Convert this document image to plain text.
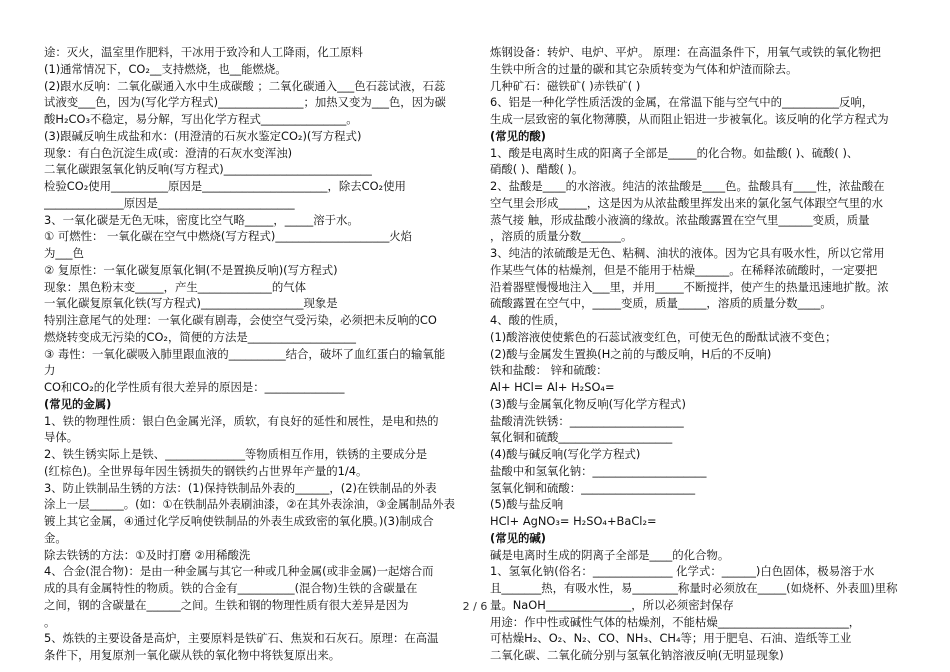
途：灭火，温室里作肥料，干冰用于致冷和人工降雨，化工原料
(1)通常情况下，CO₂__支持燃烧，也__能燃烧。
(2)跟水反响：二氧化碳通入水中生成碳酸 ；二氧化碳通入___色石蕊试液，石蕊
试液变___色，因为(写化学方程式)_______________；加热又变为___色，因为碳
酸H₂CO₃不稳定，易分解，写出化学方程式_______________。
(3)跟碱反响生成盐和水：(用澄清的石灰水鉴定CO₂)(写方程式)
现象：有白色沉淀生成(或：澄清的石灰水变浑浊)
二氧化碳跟氢氧化钠反响(写方程式)__________________________
检验CO₂使用__________原因是______________________，除去CO₂使用
______________原因是________________________
3、一氧化碳是无色无味，密度比空气略_____，_____溶于水。
① 可燃性： 一氧化碳在空气中燃烧(写方程式)____________________火焰
为___色
② 复原性：一氧化碳复原氧化铜(不是置换反响)(写方程式)
现象：黑色粉末变_____，产生_____________的气体
一氧化碳复原氧化铁(写方程式)__________________现象是
特别注意尾气的处理：一氧化碳有剧毒，会使空气受污染，必须把未反响的CO
燃烧转变成无污染的CO₂，简便的方法是___________________
③ 毒性：一氧化碳吸入肺里跟血液的__________结合，破坏了血红蛋白的输氧能
力
CO和CO₂的化学性质有很大差异的原因是：______________
(常见的金属)
1、铁的物理性质：银白色金属光泽，质软，有良好的延性和展性，是电和热的
导体。
2、铁生锈实际上是铁、______________等物质相互作用，铁锈的主要成分是
(红棕色)。全世界每年因生锈损失的钢铁约占世界年产量的1/4。
3、防止铁制品生锈的方法：(1)保持铁制品外表的______，(2)在铁制品的外表
涂上一层______。(如：①在铁制品外表刷油漆，②在其外表涂油，③金属制品外表
镀上其它金属，④通过化学反响使铁制品的外表生成致密的氧化膜。)(3)制成合
金。
除去铁锈的方法：①及时打磨 ②用稀酸洗
4、合金(混合物)：是由一种金属与其它一种或几种金属(或非金属)一起熔合而
成的具有金属特性的物质。铁的合金有__________(混合物)生铁的含碳量在
之间，钢的含碳量在______之间。生铁和钢的物理性质有很大差异是因为
。
5、炼铁的主要设备是高炉，主要原料是铁矿石、焦炭和石灰石。原理：在高温
条件下，用复原剂一氧化碳从铁的氧化物中将铁复原出来。
炼钢设备：转炉、电炉、平炉。 原理：在高温条件下，用氧气或铁的氧化物把
生铁中所含的过量的碳和其它杂质转变为气体和炉渣而除去。
几种矿石：磁铁矿( )赤铁矿( )
6、铝是一种化学性质活泼的金属，在常温下能与空气中的__________反响，
生成一层致密的氧化物薄膜，从而阻止铝进一步被氧化。该反响的化学方程式为
(常见的酸)
1、酸是电离时生成的阳离子全部是_____的化合物。如盐酸( )、硫酸( )、
硝酸( )、醋酸( )。
2、盐酸是____的水溶液。纯洁的浓盐酸是____色。盐酸具有____性，浓盐酸在
空气里会形成_____，这是因为从浓盐酸里挥发出来的氯化氢气体跟空气里的水
蒸气接 触，形成盐酸小液滴的缘故。浓盐酸露置在空气里______变质，质量
，溶质的质量分数_______。
3、纯洁的浓硫酸是无色、粘稠、油状的液体。因为它具有吸水性，所以它常用
作某些气体的枯燥剂，但是不能用于枯燥______。在稀释浓硫酸时，一定要把
沿着器壁慢慢地注入___里，并用_____不断搅拌，使产生的热量迅速地扩散。浓
硫酸露置在空气中，_____变质，质量_____，溶质的质量分数____。
4、酸的性质，
(1)酸溶液使使紫色的石蕊试液变红色，可使无色的酚酞试液不变色；
(2)酸与金属发生置换(H之前的与酸反响，H后的不反响)
铁和盐酸： 锌和硫酸：
Al+ HCl= Al+ H₂SO₄=
(3)酸与金属氧化物反响(写化学方程式)
盐酸清洗铁锈：____________________
氧化铜和硫酸____________________
(4)酸与碱反响(写化学方程式)
盐酸中和氢氧化钠：____________________
氢氧化铜和硫酸：____________________
(5)酸与盐反响
HCl+ AgNO₃= H₂SO₄+BaCl₂=
(常见的碱)
碱是电离时生成的阴离子全部是____的化合物。
1、氢氧化钠(俗名：______________ 化学式：______)白色固体，极易溶于水
且_______热，有吸水性，易________称量时必须放在_____(如烧杯、外表皿)里称
量。NaOH_______________，所以必须密封保存
用途：作中性或碱性气体的枯燥剂，不能枯燥_______________________，
可枯燥H₂、O₂、N₂、CO、NH₃、CH₄等；用于肥皂、石油、造纸等工业
二氧化碳、二氧化硫分别与氢氧化钠溶液反响(无明显现象)
2 / 6
